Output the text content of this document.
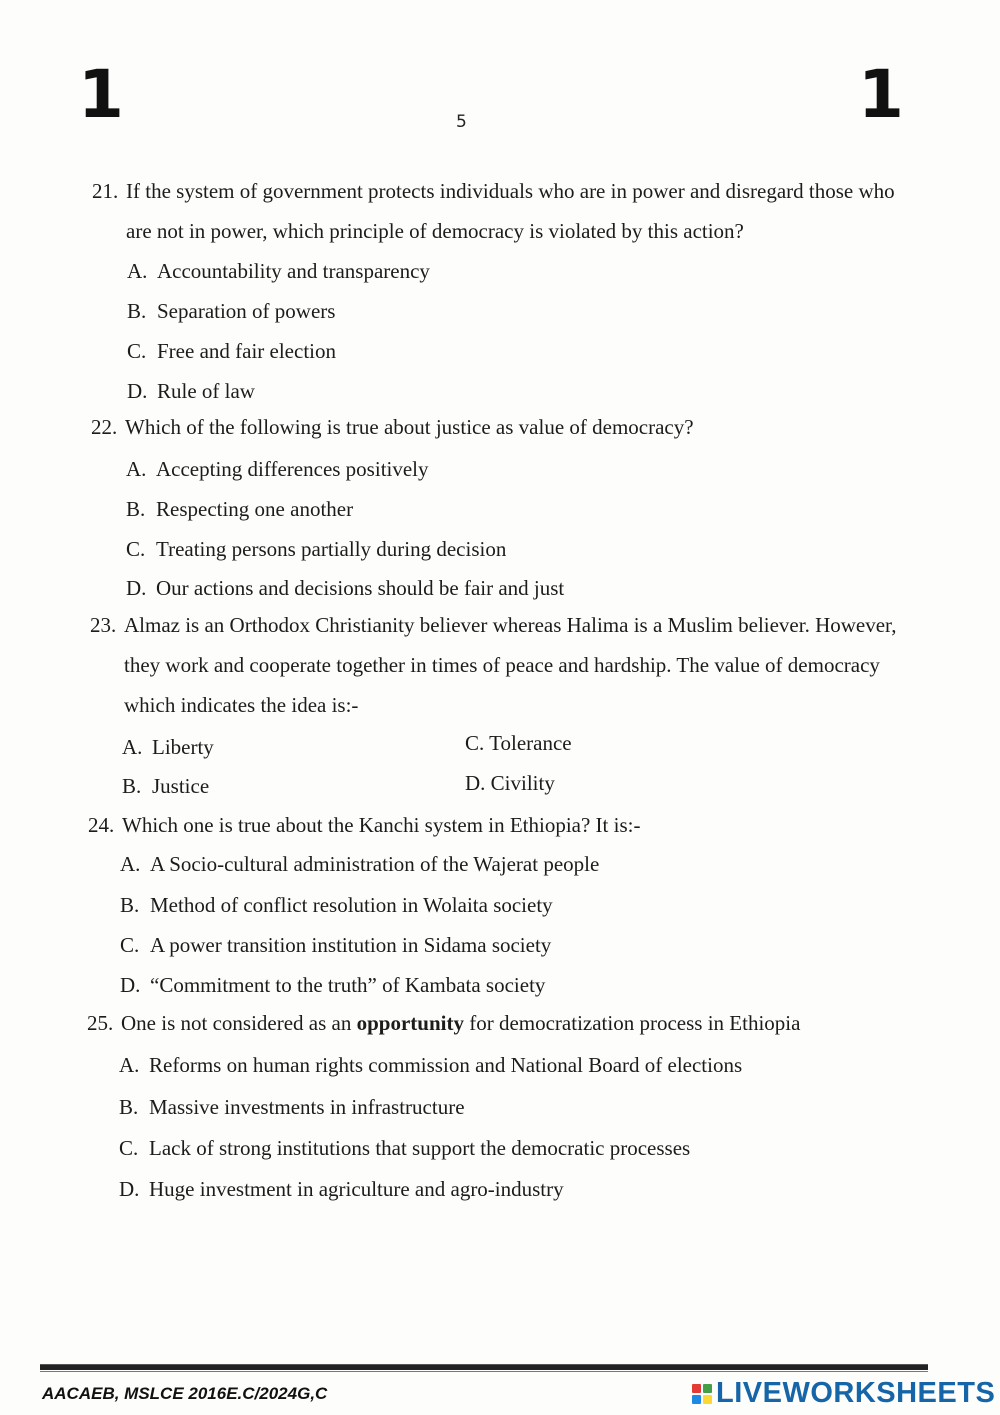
1	5	1
21. If the system of government protects individuals who are in power and disregard those who
are not in power, which principle of democracy is violated by this action?
A. Accountability and transparency
B. Separation of powers
C. Free and fair election
D. Rule of law
22. Which of the following is true about justice as value of democracy?
A. Accepting differences positively
B. Respecting one another
C. Treating persons partially during decision
D. Our actions and decisions should be fair and just
23. Almaz is an Orthodox Christianity believer whereas Halima is a Muslim believer. However,
they work and cooperate together in times of peace and hardship. The value of democracy
which indicates the idea is:-
A. Liberty
B. Justice
C. Tolerance
D. Civility
24. Which one is true about the Kanchi system in Ethiopia? It is:-
A. A Socio-cultural administration of the Wajerat people
B. Method of conflict resolution in Wolaita society
C. A power transition institution in Sidama society
D. “Commitment to the truth” of Kambata society
25. One is not considered as an opportunity for democratization process in Ethiopia
A. Reforms on human rights commission and National Board of elections
B. Massive investments in infrastructure
C. Lack of strong institutions that support the democratic processes
D. Huge investment in agriculture and agro-industry
AACAEB, MSLCE 2016E.C/2024G,C	LIVEWORKSHEETS
